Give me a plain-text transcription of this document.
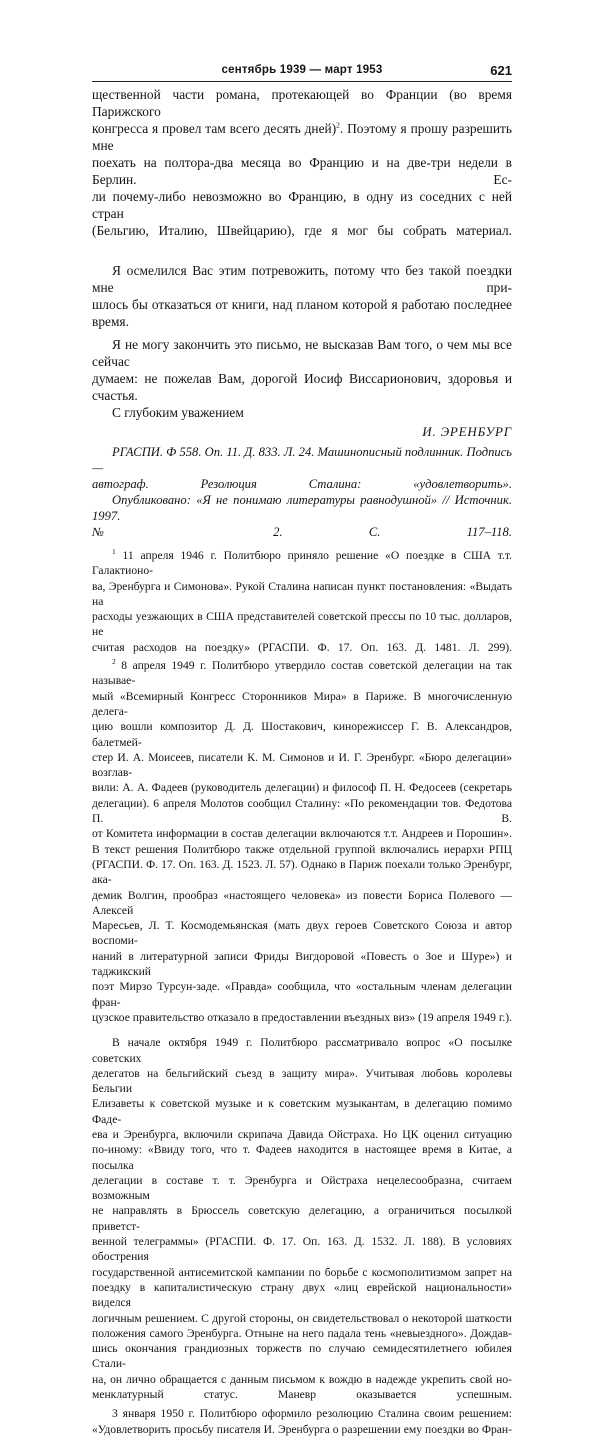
сентябрь 1939 — март 1953	621

щественной части романа, протекающей во Франции (во время Парижского
конгресса я провел там всего десять дней)$^2$. Поэтому я прошу разрешить мне
поехать на полтора-два месяца во Францию и на две-три недели в Берлин. Ес-
ли почему-либо невозможно во Францию, в одну из соседних с ней стран
(Бельгию, Италию, Швейцарию), где я мог бы собрать материал.

Я осмелился Вас этим потревожить, потому что без такой поездки мне при-
шлось бы отказаться от книги, над планом которой я работаю последнее время.

Я не могу закончить это письмо, не высказав Вам того, о чем мы все сейчас
думаем: не пожелав Вам, дорогой Иосиф Виссарионович, здоровья и счастья.

С глубоким уважением

И. ЭРЕНБУРГ

РГАСПИ. Ф 558. Оп. 11. Д. 833. Л. 24. Машинописный подлинник. Подпись —
автограф. Резолюция Сталина: «удовлетворить».

Опубликовано: «Я не понимаю литературы равнодушной» // Источник. 1997.
№ 2. С. 117–118.

$^1$ 11 апреля 1946 г. Политбюро приняло решение «О поездке в США т.т. Галактионо-
ва, Эренбурга и Симонова». Рукой Сталина написан пункт постановления: «Выдать на
расходы уезжающих в США представителей советской прессы по 10 тыс. долларов, не
считая расходов на поездку» (РГАСПИ. Ф. 17. Оп. 163. Д. 1481. Л. 299).

$^2$ 8 апреля 1949 г. Политбюро утвердило состав советской делегации на так называе-
мый «Всемирный Конгресс Сторонников Мира» в Париже. В многочисленную делега-
цию вошли композитор Д. Д. Шостакович, кинорежиссер Г. В. Александров, балетмей-
стер И. А. Моисеев, писатели К. М. Симонов и И. Г. Эренбург. «Бюро делегации» возглав-
вили: А. А. Фадеев (руководитель делегации) и философ П. Н. Федосеев (секретарь
делегации). 6 апреля Молотов сообщил Сталину: «По рекомендации тов. Федотова П. В.
от Комитета информации в состав делегации включаются т.т. Андреев и Порошин».
В текст решения Политбюро также отдельной группой включались иерархи РПЦ
(РГАСПИ. Ф. 17. Оп. 163. Д. 1523. Л. 57). Однако в Париж поехали только Эренбург, ака-
демик Волгин, прообраз «настоящего человека» из повести Бориса Полевого — Алексей
Маресьев, Л. Т. Космодемьянская (мать двух героев Советского Союза и автор воспоми-
наний в литературной записи Фриды Вигдоровой «Повесть о Зое и Шуре») и таджикский
поэт Мирзо Турсун-заде. «Правда» сообщила, что «остальным членам делегации фран-
цузское правительство отказало в предоставлении въездных виз» (19 апреля 1949 г.).

В начале октября 1949 г. Политбюро рассматривало вопрос «О посылке советских
делегатов на бельгийский съезд в защиту мира». Учитывая любовь королевы Бельгии
Елизаветы к советской музыке и к советским музыкантам, в делегацию помимо Фаде-
ева и Эренбурга, включили скрипача Давида Ойстраха. Но ЦК оценил ситуацию
по-иному: «Ввиду того, что т. Фадеев находится в настоящее время в Китае, а посылка
делегации в составе т. т. Эренбурга и Ойстраха нецелесообразна, считаем возможным
не направлять в Брюссель советскую делегацию, а ограничиться посылкой приветст-
венной телеграммы» (РГАСПИ. Ф. 17. Оп. 163. Д. 1532. Л. 188). В условиях обострения
государственной антисемитской кампании по борьбе с космополитизмом запрет на
поездку в капиталистическую страну двух «лиц еврейской национальности» виделся
логичным решением. С другой стороны, он свидетельствовал о некоторой шаткости
положения самого Эренбурга. Отныне на него падала тень «невыездного». Дождав-
шись окончания грандиозных торжеств по случаю семидесятилетнего юбилея Стали-
на, он лично обращается с данным письмом к вождю в надежде укрепить свой но-
менклатурный статус. Маневр оказывается успешным.

3 января 1950 г. Политбюро оформило резолюцию Сталина своим решением:
«Удовлетворить просьбу писателя И. Эренбурга о разрешении ему поездки во Фран-
